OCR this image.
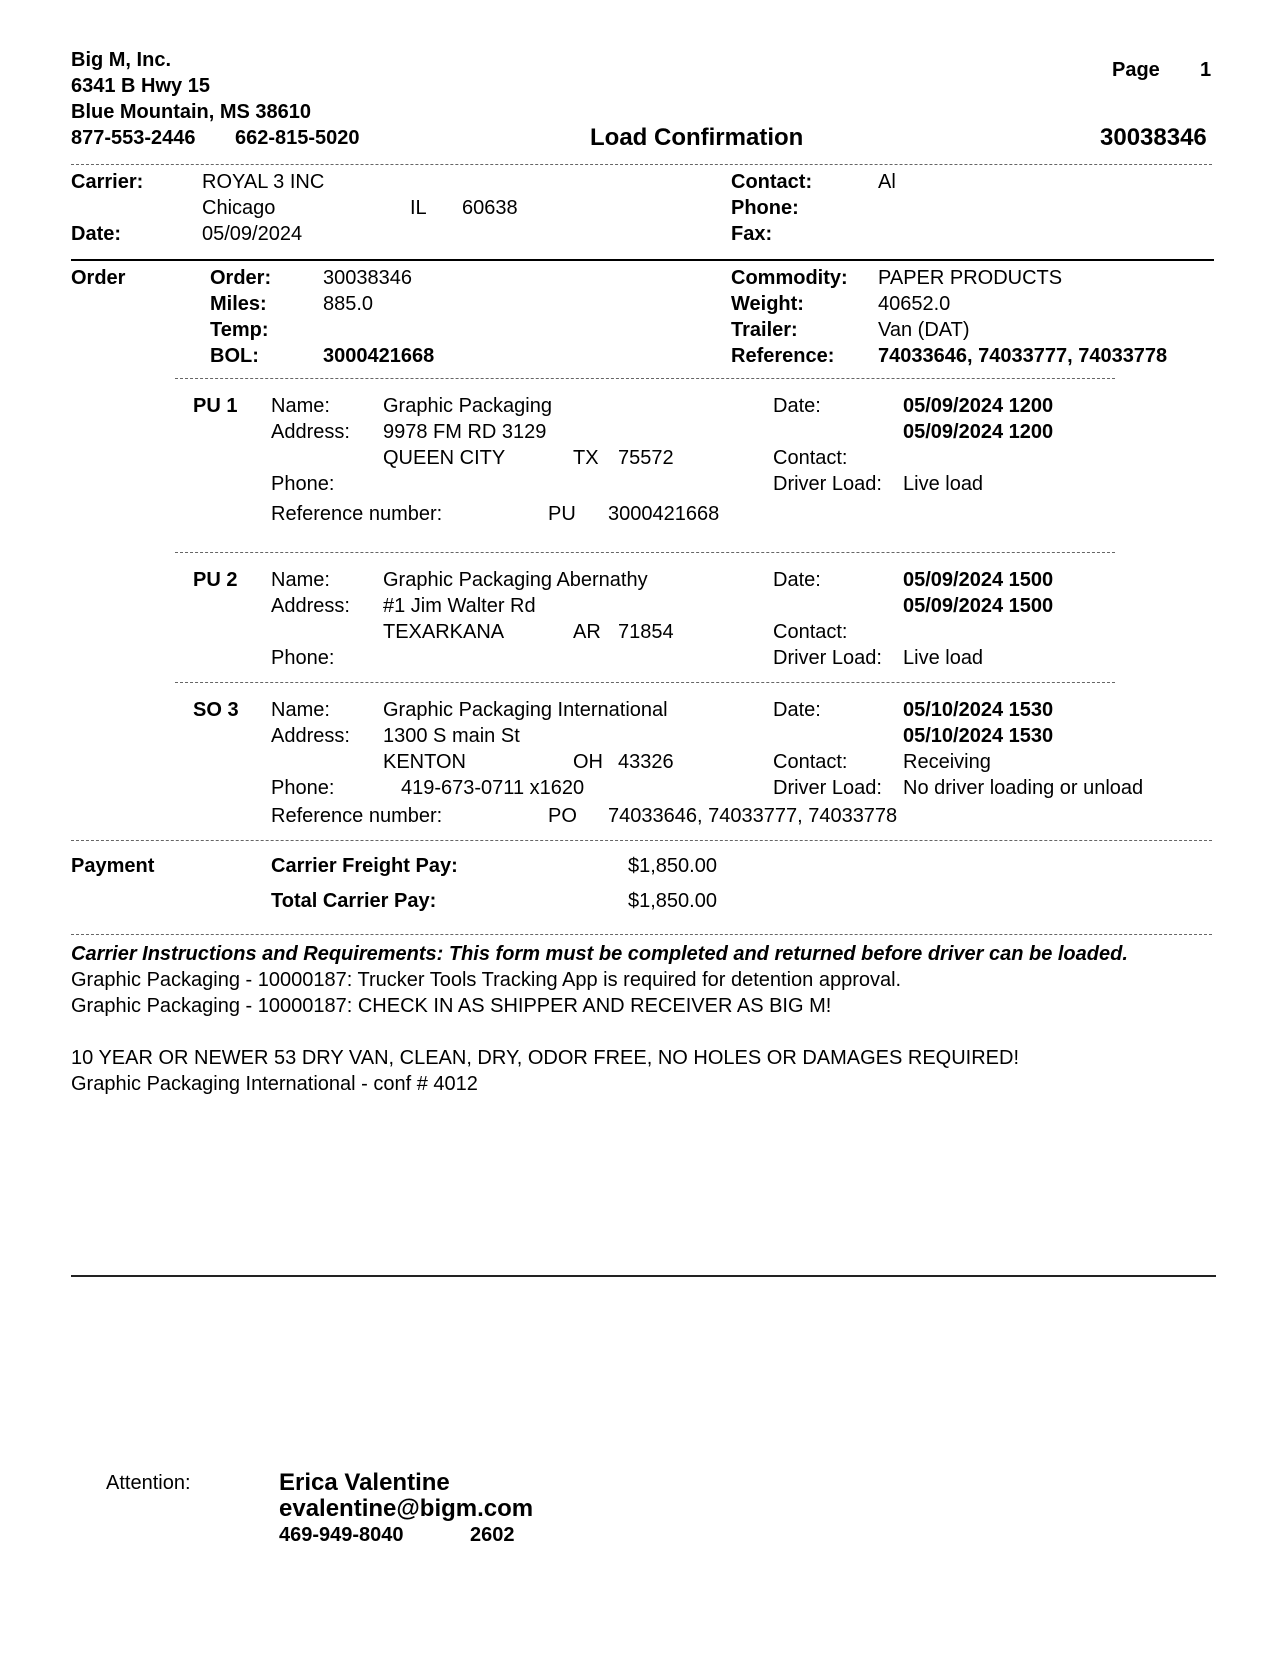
Big M, Inc.
6341 B Hwy 15
Blue Mountain, MS 38610
877-553-2446 662-815-5020
Page 1
Load Confirmation	30038346
Carrier:	ROYAL 3 INC
Chicago	IL 60638
Date:	05/09/2024
Contact:	Al
Phone:
Fax:
Order	Order:	30038346
Miles:	885.0
Temp:
BOL:	3000421668
Commodity: PAPER PRODUCTS
Weight:	40652.0
Trailer:	Van (DAT)
Reference: 74033646, 74033777, 74033778
PU 1 Name:	Graphic Packaging
Address: 9978 FM RD 3129
QUEEN CITY	TX 75572
Phone:
Reference number:	PU 3000421668
Date:	05/09/2024 1200
05/09/2024 1200
Contact:
Driver Load: Live load
PU 2 Name:	Graphic Packaging Abernathy
Address: #1 Jim Walter Rd
TEXARKANA	AR 71854
Phone:
Date:	05/09/2024 1500
05/09/2024 1500
Contact:
Driver Load: Live load
SO 3 Name:	Graphic Packaging International
Address: 1300 S main St
KENTON	OH 43326
Phone:	419-673-0711 x1620
Reference number:	PO 74033646, 74033777, 74033778
Date:	05/10/2024 1530
05/10/2024 1530
Contact:	Receiving
Driver Load: No driver loading or unload
Payment	Carrier Freight Pay:	$1,850.00
Total Carrier Pay:	$1,850.00
Carrier Instructions and Requirements: This form must be completed and returned before driver can be loaded.
Graphic Packaging - 10000187: Trucker Tools Tracking App is required for detention approval.
Graphic Packaging - 10000187: CHECK IN AS SHIPPER AND RECEIVER AS BIG M!
10 YEAR OR NEWER 53 DRY VAN, CLEAN, DRY, ODOR FREE, NO HOLES OR DAMAGES REQUIRED!
Graphic Packaging International - conf # 4012
Attention:	Erica Valentine
evalentine@bigm.com
469-949-8040	2602
